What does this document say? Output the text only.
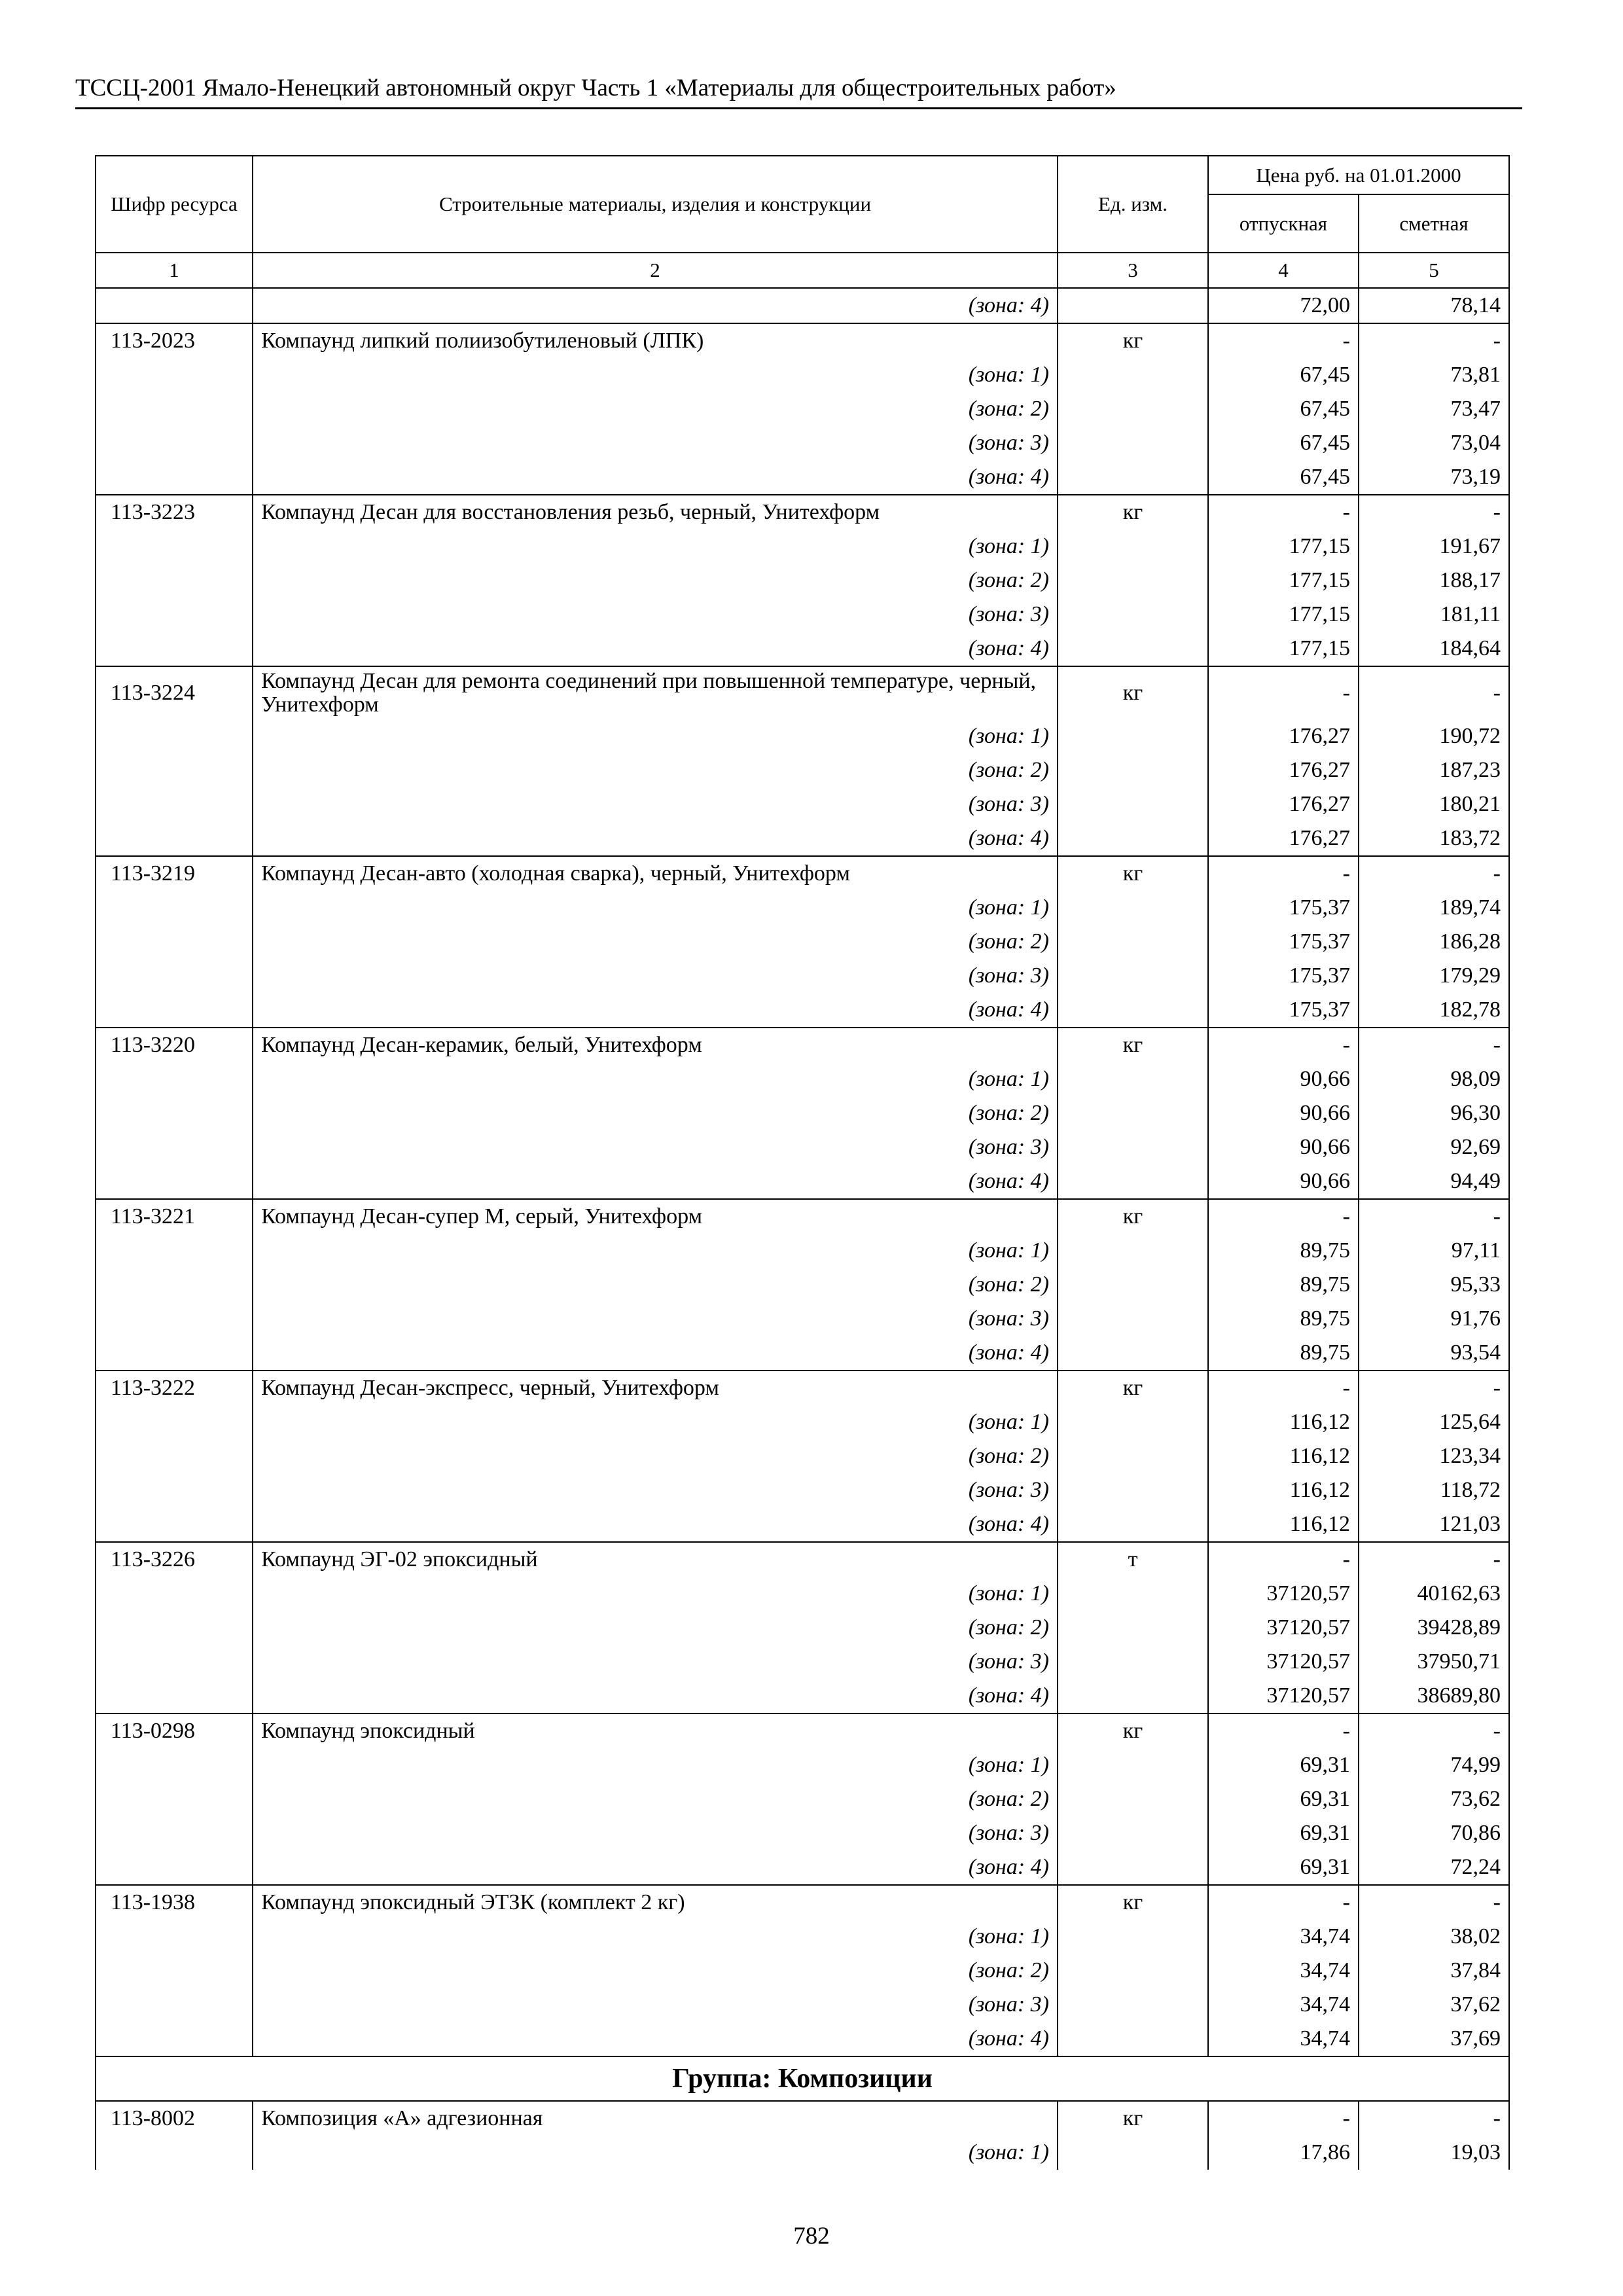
ТССЦ-2001 Ямало-Ненецкий автономный округ Часть 1 «Материалы для общестроительных работ»
Шифр ресурса	Строительные материалы, изделия и конструкции	Ед. изм.	Цена руб. на 01.01.2000	
			отпускная	сметная
1	2	3	4	5
	(зона: 4)		72,00	78,14
113-2023	Компаунд липкий полиизобутиленовый (ЛПК)	кг	-	-
	(зона: 1)		67,45	73,81
	(зона: 2)		67,45	73,47
	(зона: 3)		67,45	73,04
	(зона: 4)		67,45	73,19
113-3223	Компаунд Десан для восстановления резьб, черный, Унитехформ	кг	-	-
	(зона: 1)		177,15	191,67
	(зона: 2)		177,15	188,17
	(зона: 3)		177,15	181,11
	(зона: 4)		177,15	184,64
113-3224	Компаунд Десан для ремонта соединений при повышенной температуре, черный, Унитехформ	кг	-	-
	(зона: 1)		176,27	190,72
	(зона: 2)		176,27	187,23
	(зона: 3)		176,27	180,21
	(зона: 4)		176,27	183,72
113-3219	Компаунд Десан-авто (холодная сварка), черный, Унитехформ	кг	-	-
	(зона: 1)		175,37	189,74
	(зона: 2)		175,37	186,28
	(зона: 3)		175,37	179,29
	(зона: 4)		175,37	182,78
113-3220	Компаунд Десан-керамик, белый, Унитехформ	кг	-	-
	(зона: 1)		90,66	98,09
	(зона: 2)		90,66	96,30
	(зона: 3)		90,66	92,69
	(зона: 4)		90,66	94,49
113-3221	Компаунд Десан-супер М, серый, Унитехформ	кг	-	-
	(зона: 1)		89,75	97,11
	(зона: 2)		89,75	95,33
	(зона: 3)		89,75	91,76
	(зона: 4)		89,75	93,54
113-3222	Компаунд Десан-экспресс, черный, Унитехформ	кг	-	-
	(зона: 1)		116,12	125,64
	(зона: 2)		116,12	123,34
	(зона: 3)		116,12	118,72
	(зона: 4)		116,12	121,03
113-3226	Компаунд ЭГ-02 эпоксидный	т	-	-
	(зона: 1)		37120,57	40162,63
	(зона: 2)		37120,57	39428,89
	(зона: 3)		37120,57	37950,71
	(зона: 4)		37120,57	38689,80
113-0298	Компаунд эпоксидный	кг	-	-
	(зона: 1)		69,31	74,99
	(зона: 2)		69,31	73,62
	(зона: 3)		69,31	70,86
	(зона: 4)		69,31	72,24
113-1938	Компаунд эпоксидный ЭТЗК (комплект 2 кг)	кг	-	-
	(зона: 1)		34,74	38,02
	(зона: 2)		34,74	37,84
	(зона: 3)		34,74	37,62
	(зона: 4)		34,74	37,69
Группа: Композиции				
113-8002	Композиция «А» адгезионная	кг	-	-
	(зона: 1)		17,86	19,03
782
